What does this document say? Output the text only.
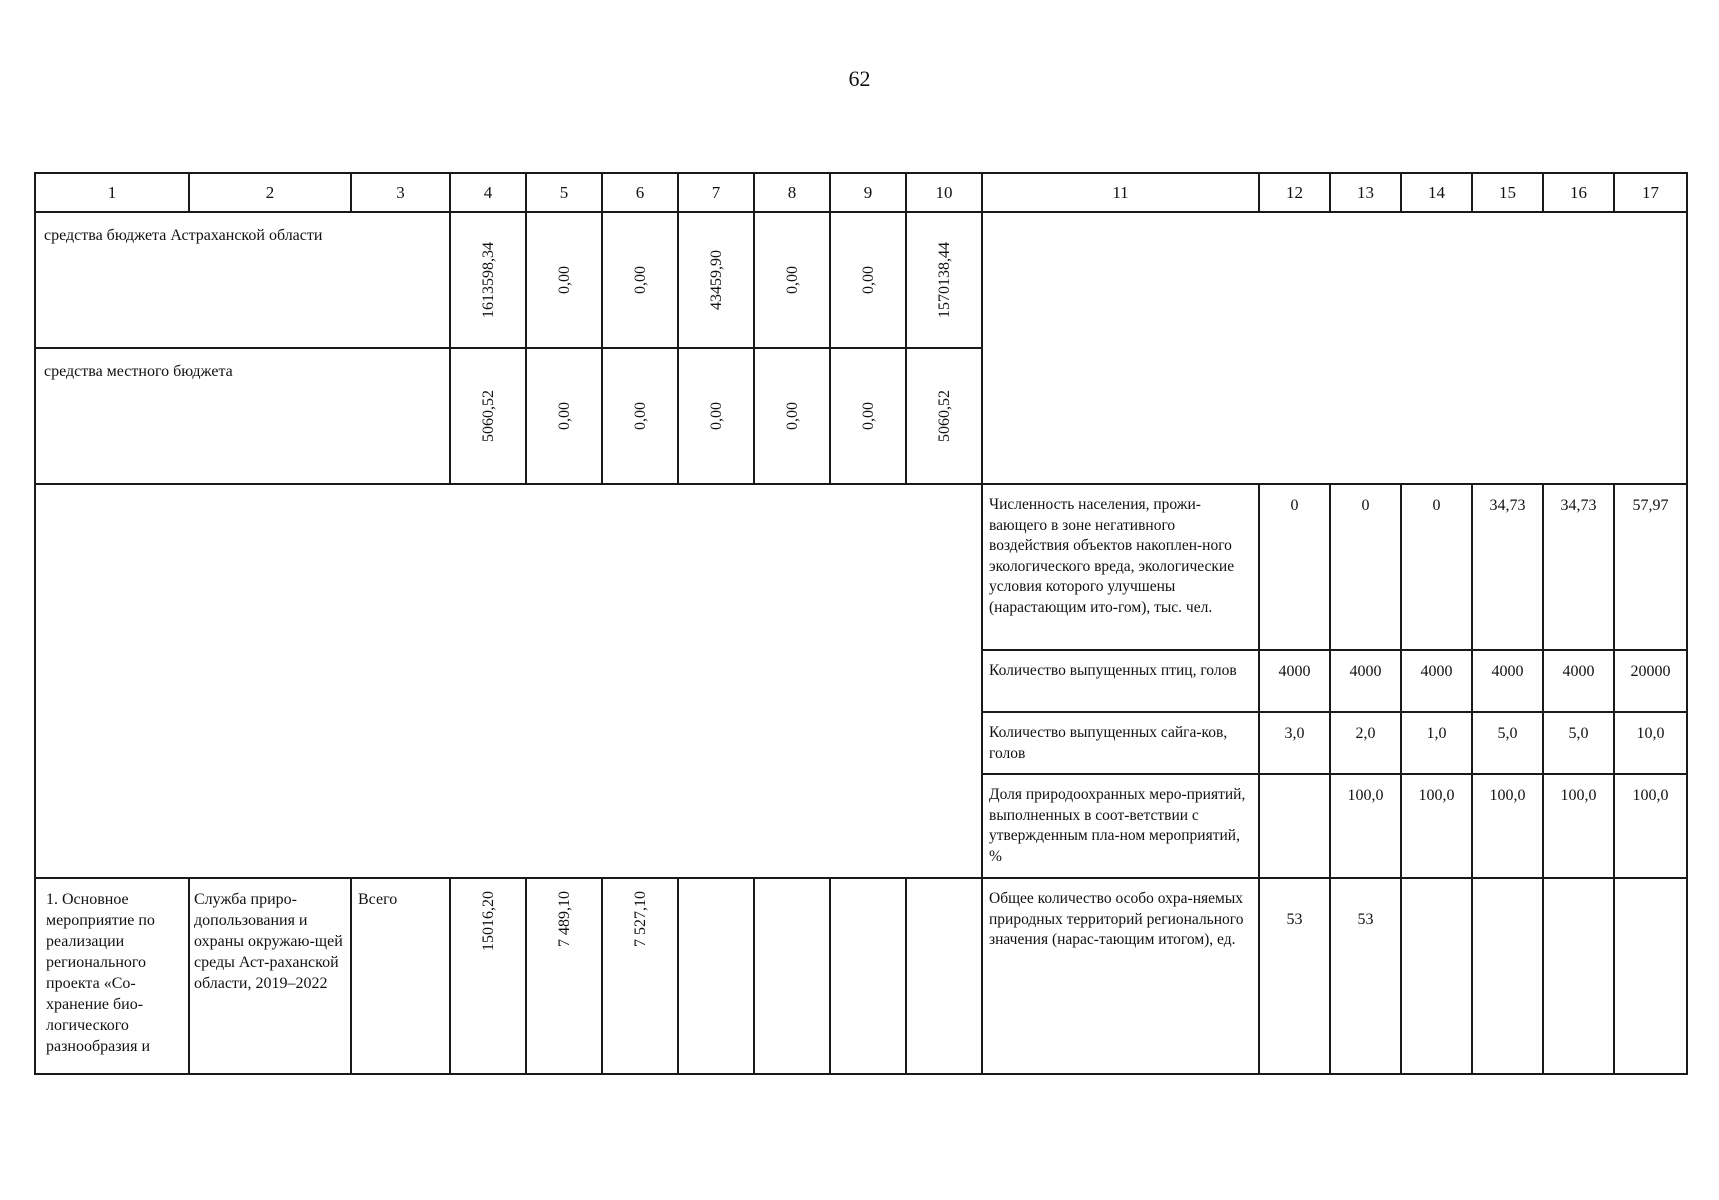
62
1	2	3	4	5	6	7	8	9	10	11	12	13	14	15	16	17
средства бюджета Астраханской области			1613598,34	0,00	0,00	43459,90	0,00	0,00	1570138,44							

средства местного бюджета			5060,52	0,00	0,00	0,00	0,00	0,00	5060,52							

										Численность населения, прожи-вающего в зоне негативного воздействия объектов накоплен-ного экологического вреда, экологические условия которого улучшены (нарастающим ито-гом), тыс. чел.	0	0	0	34,73	34,73	57,97
										Количество выпущенных птиц, голов	4000	4000	4000	4000	4000	20000
										Количество выпущенных сайга-ков, голов	3,0	2,0	1,0	5,0	5,0	10,0
										Доля природоохранных меро-приятий, выполненных в соот-ветствии с утвержденным пла-ном мероприятий, %		100,0	100,0	100,0	100,0	100,0
1. Основное мероприятие по реализации регионального проекта «Со-хранение био-логического разнообразия и	Служба приро-допользования и охраны окружаю-щей среды Аст-раханской области, 2019–2022	Всего	15016,20	7 489,10	7 527,10					Общее количество особо охра-няемых природных территорий регионального значения (нарас-тающим итогом), ед.	53	53				
